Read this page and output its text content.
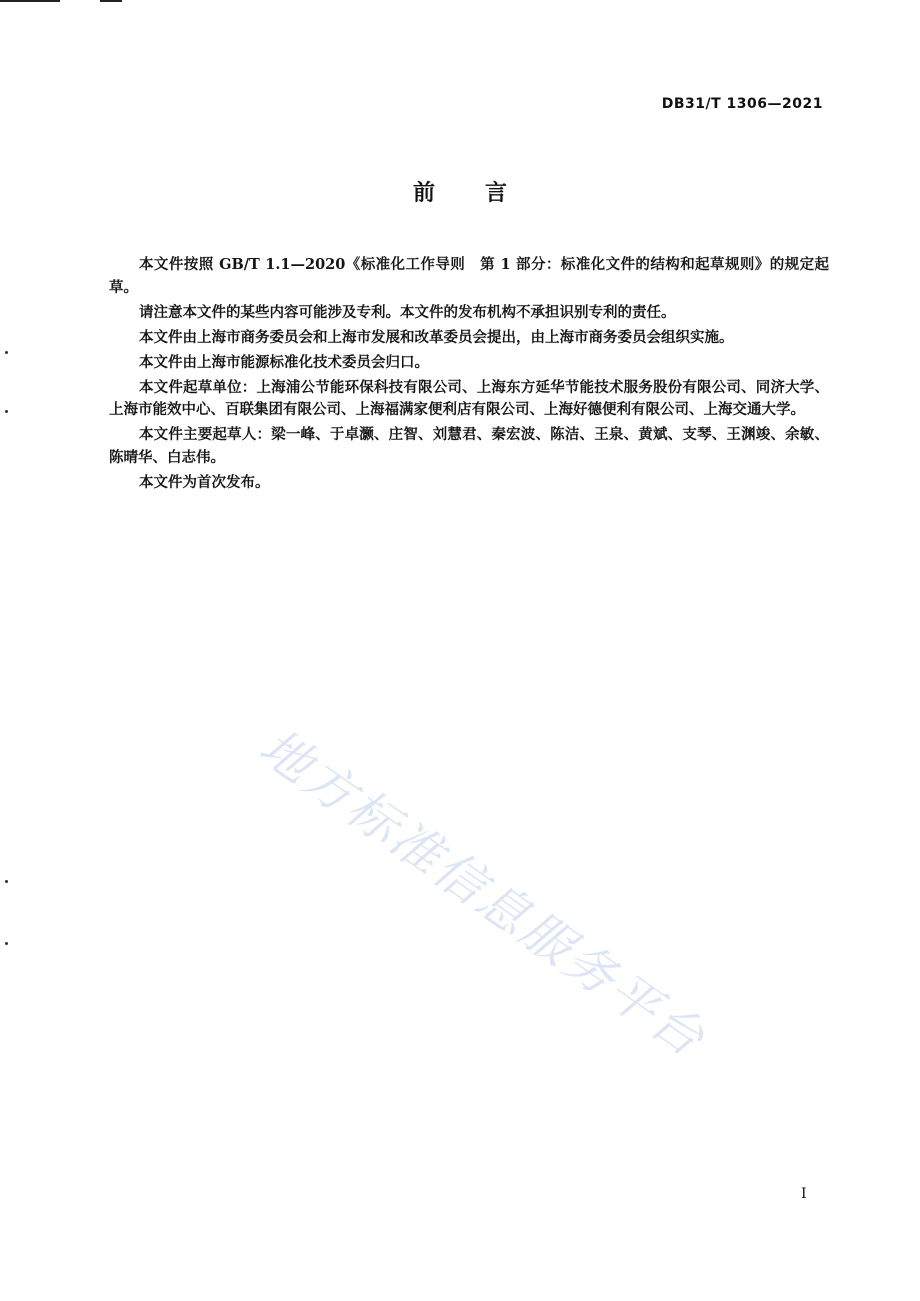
DB31/T 1306—2021
前言

本文件按照 GB/T 1.1—2020《标准化工作导则　第 1 部分：标准化文件的结构和起草规则》的规定起草。

请注意本文件的某些内容可能涉及专利。本文件的发布机构不承担识别专利的责任。

本文件由上海市商务委员会和上海市发展和改革委员会提出，由上海市商务委员会组织实施。

本文件由上海市能源标准化技术委员会归口。

本文件起草单位：上海浦公节能环保科技有限公司、上海东方延华节能技术服务股份有限公司、同济大学、上海市能效中心、百联集团有限公司、上海福满家便利店有限公司、上海好德便利有限公司、上海交通大学。

本文件主要起草人：梁一峰、于卓灏、庄智、刘慧君、秦宏波、陈洁、王泉、黄斌、支琴、王渊竣、余敏、陈晴华、白志伟。

本文件为首次发布。

地方标准信息服务平台
I
